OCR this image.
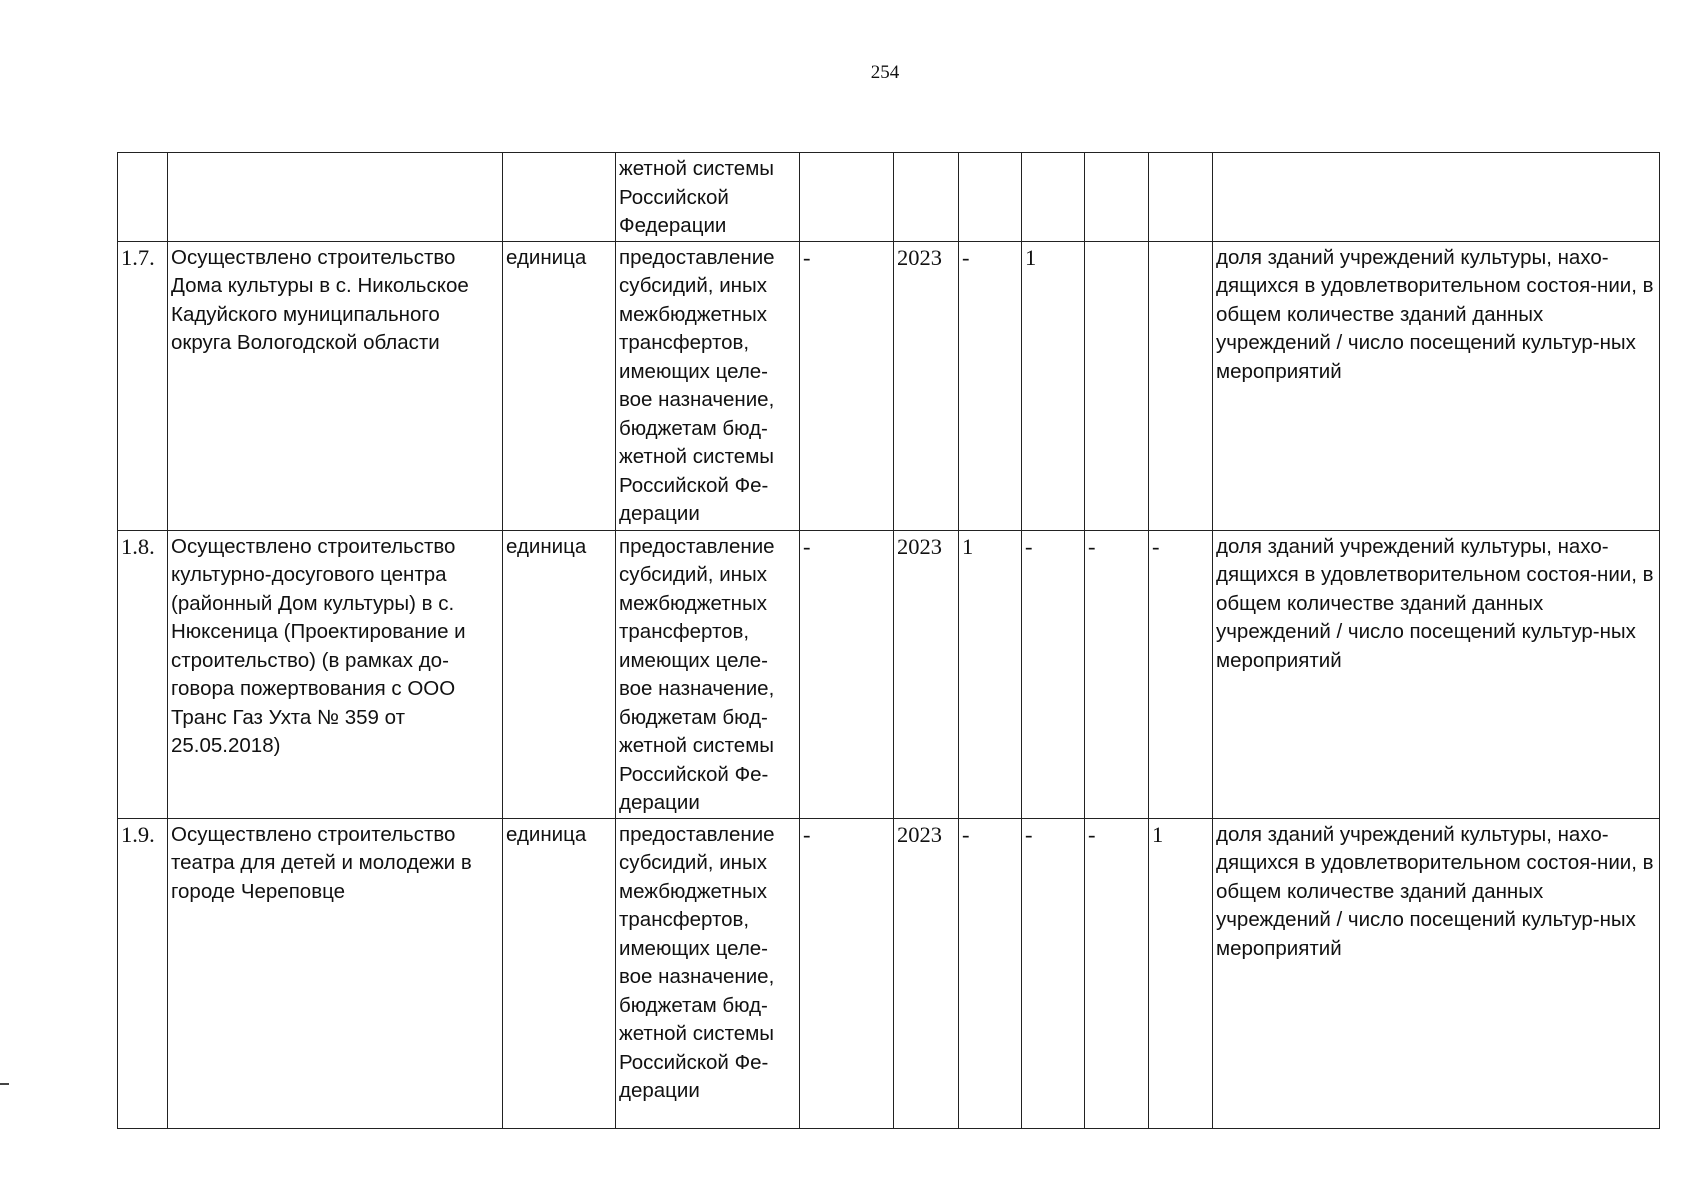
254
			жетной системы Российской Федерации							
1.7.	Осуществлено строительство Дома культуры в с. Никольское Кадуйского муниципального округа Вологодской области	единица	предоставление субсидий, иных межбюджетных трансфертов, имеющих целе-вое назначение, бюджетам бюд-жетной системы Российской Фе-дерации	-	2023	-	1			доля зданий учреждений культуры, нахо-дящихся в удовлетворительном состоя-нии, в общем количестве зданий данных учреждений / число посещений культур-ных мероприятий
1.8.	Осуществлено строительство культурно-досугового центра (районный Дом культуры) в с. Нюксеница (Проектирование и строительство) (в рамках до-говора пожертвования с ООО Транс Газ Ухта № 359 от 25.05.2018)	единица	предоставление субсидий, иных межбюджетных трансфертов, имеющих целе-вое назначение, бюджетам бюд-жетной системы Российской Фе-дерации	-	2023	1	-	-	-	доля зданий учреждений культуры, нахо-дящихся в удовлетворительном состоя-нии, в общем количестве зданий данных учреждений / число посещений культур-ных мероприятий
1.9.	Осуществлено строительство театра для детей и молодежи в городе Череповце	единица	предоставление субсидий, иных межбюджетных трансфертов, имеющих целе-вое назначение, бюджетам бюд-жетной системы Российской Фе-дерации	-	2023	-	-	-	1	доля зданий учреждений культуры, нахо-дящихся в удовлетворительном состоя-нии, в общем количестве зданий данных учреждений / число посещений культур-ных мероприятий
